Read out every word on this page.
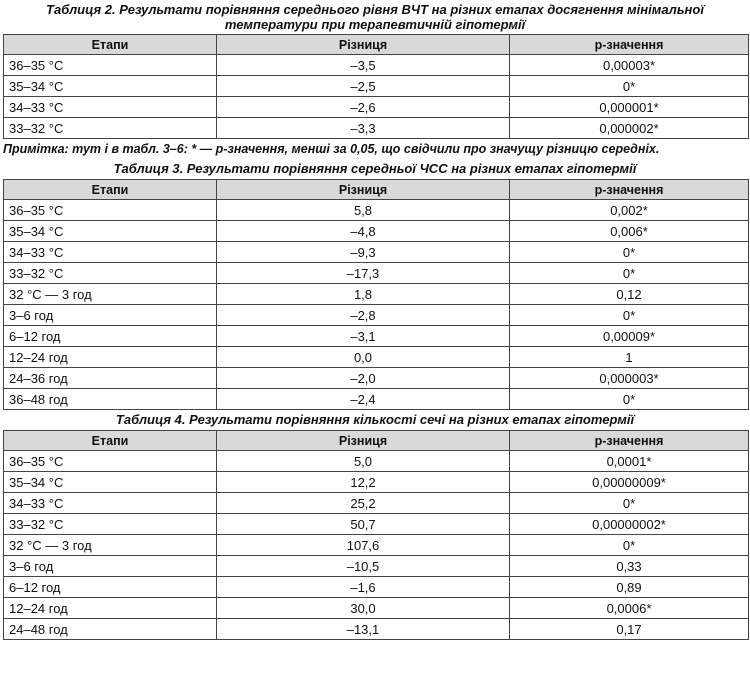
Таблиця 2. Результати порівняння середнього рівня ВЧТ на різних етапах досягнення мінімальної
температури при терапевтичній гіпотермії
Етапи	Різниця	р-значення
36–35 °С	–3,5	0,00003*
35–34 °С	–2,5	0*
34–33 °С	–2,6	0,000001*
33–32 °С	–3,3	0,000002*
Примітка: тут і в табл. 3–6: * — р-значення, менші за 0,05, що свідчили про значущу різницю середніх.
Таблиця 3. Результати порівняння середньої ЧСС на різних етапах гіпотермії
Етапи	Різниця	р-значення
36–35 °С	5,8	0,002*
35–34 °С	–4,8	0,006*
34–33 °С	–9,3	0*
33–32 °С	–17,3	0*
32 °С — 3 год	1,8	0,12
3–6 год	–2,8	0*
6–12 год	–3,1	0,00009*
12–24 год	0,0	1
24–36 год	–2,0	0,000003*
36–48 год	–2,4	0*
Таблиця 4. Результати порівняння кількості сечі на різних етапах гіпотермії
Етапи	Різниця	р-значення
36–35 °С	5,0	0,0001*
35–34 °С	12,2	0,00000009*
34–33 °С	25,2	0*
33–32 °С	50,7	0,00000002*
32 °С — 3 год	107,6	0*
3–6 год	–10,5	0,33
6–12 год	–1,6	0,89
12–24 год	30,0	0,0006*
24–48 год	–13,1	0,17
